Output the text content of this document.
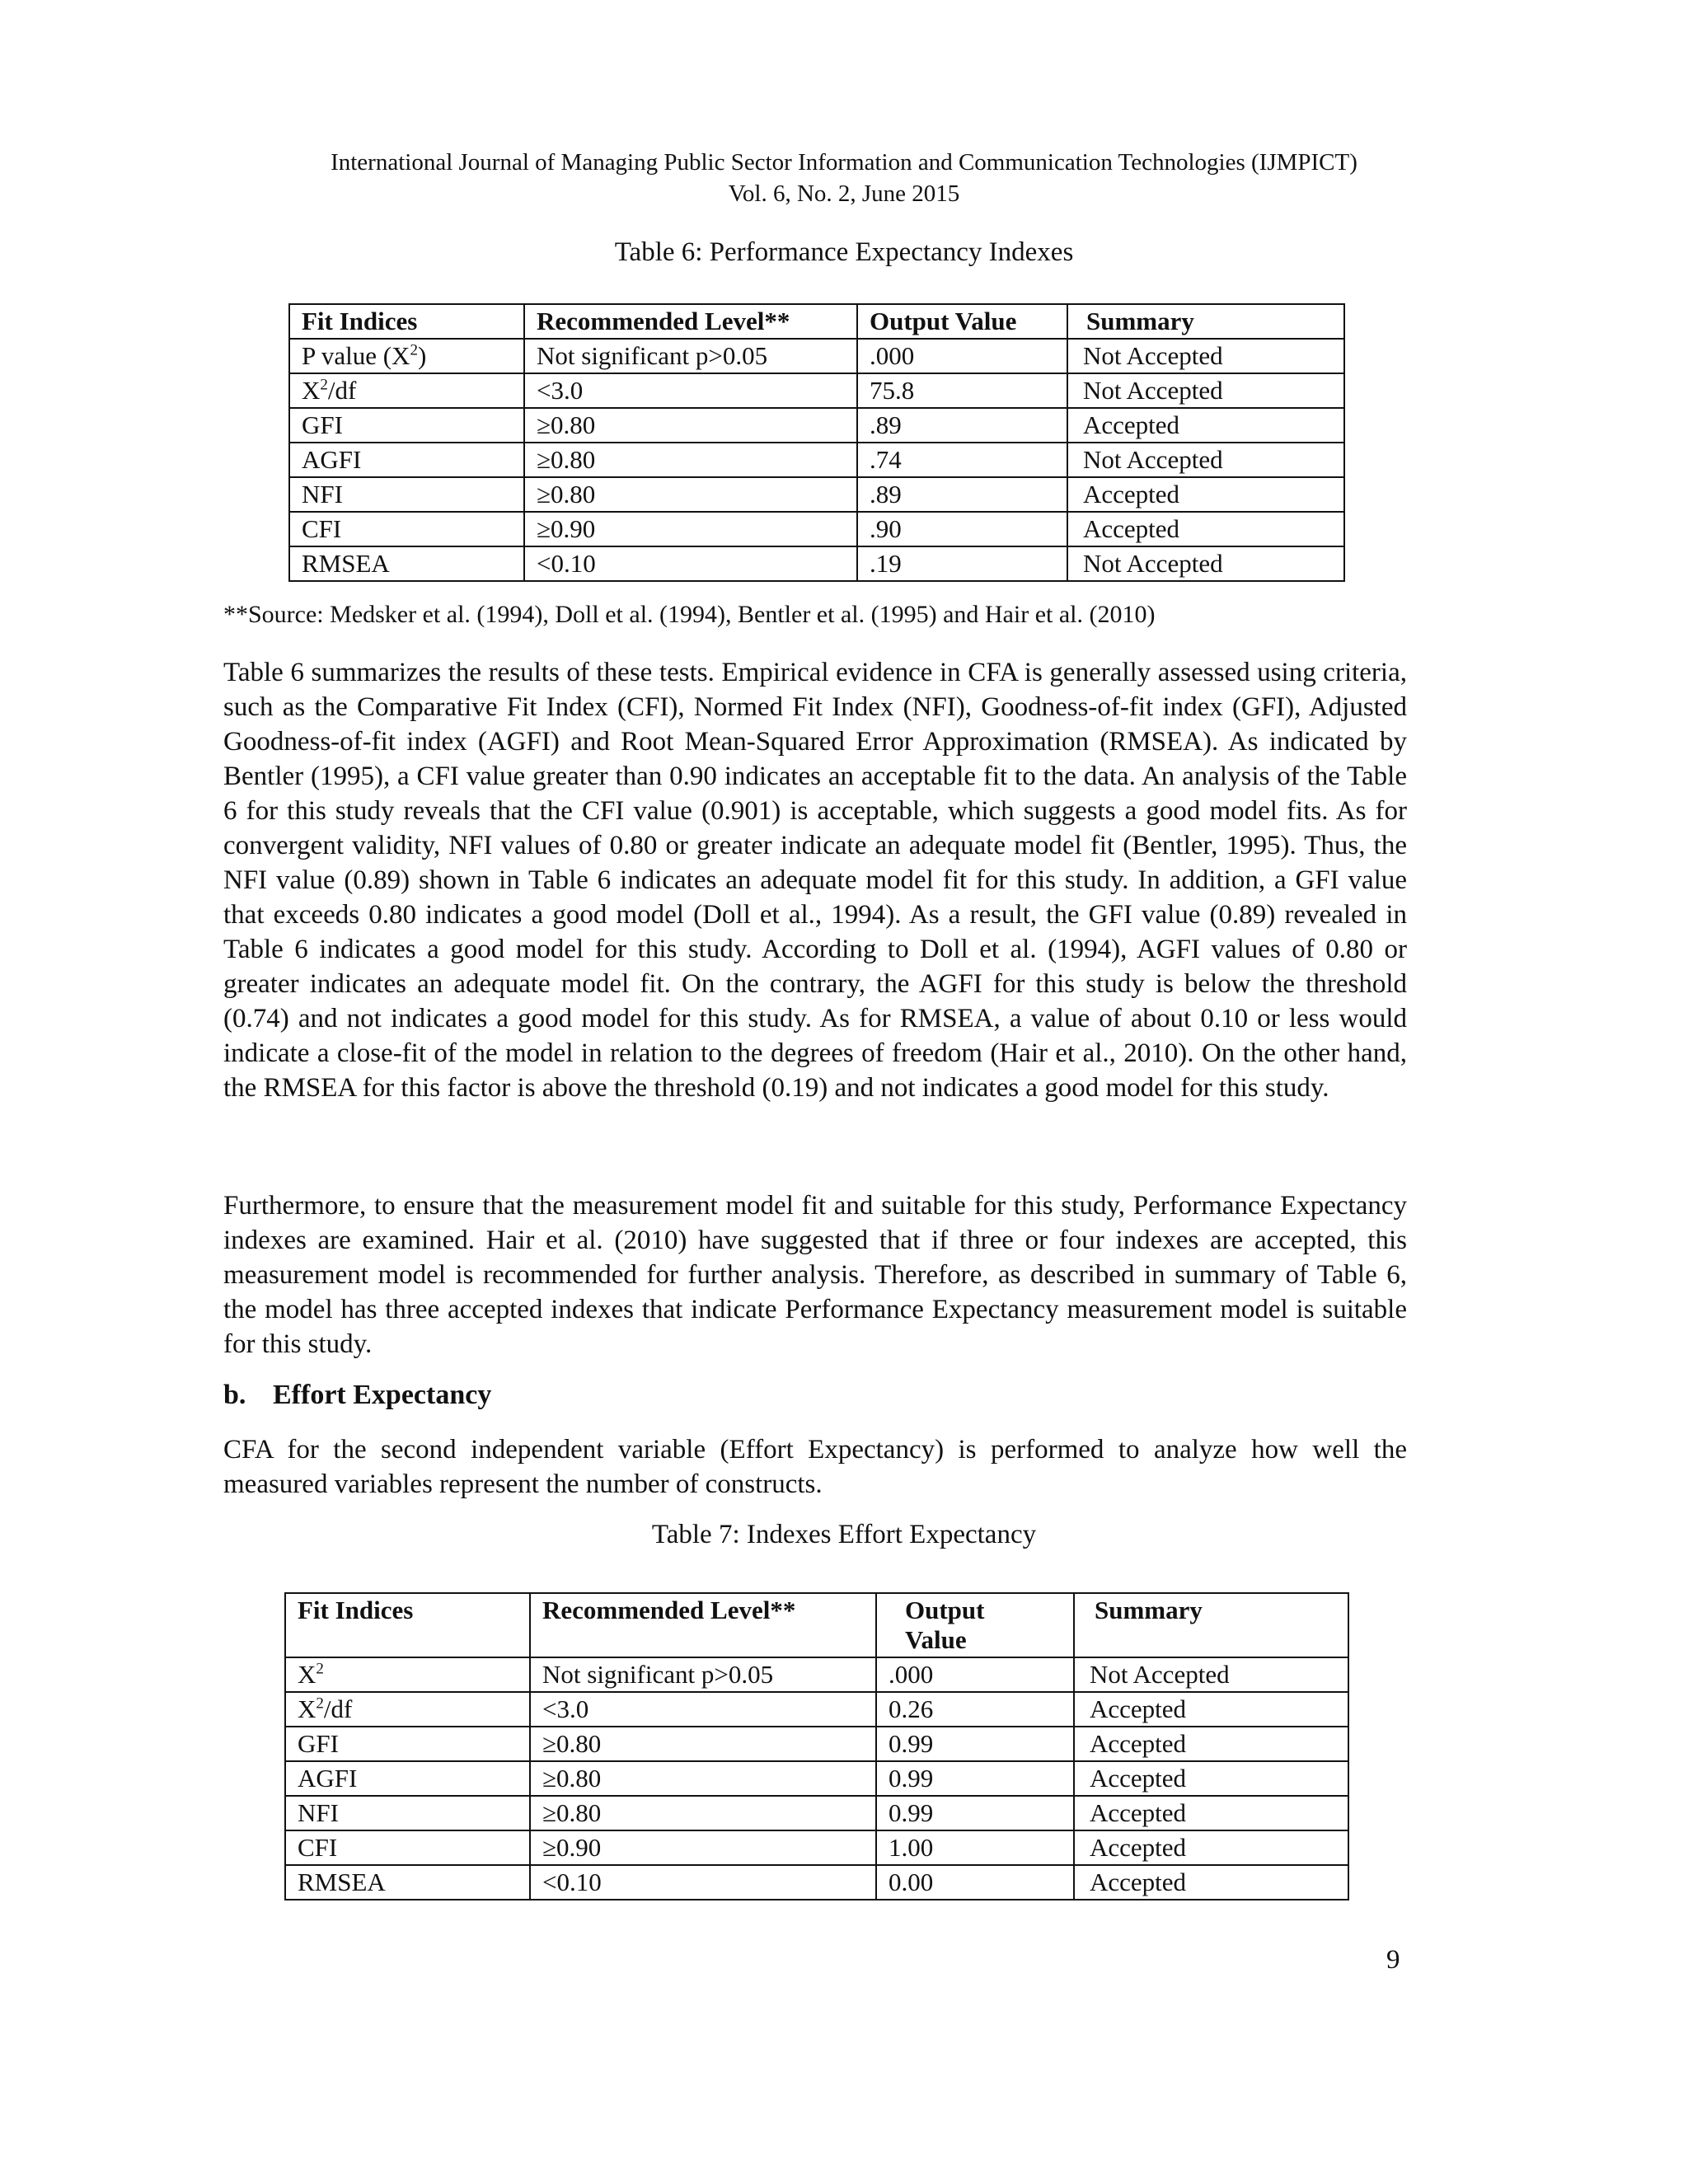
International Journal of Managing Public Sector Information and Communication Technologies (IJMPICT)
Vol. 6, No. 2, June 2015
Table 6: Performance Expectancy Indexes
Fit Indices	Recommended Level**	Output Value	Summary
P value $(X^2)$	Not significant p>0.05	.000	Not Accepted
$X^2/df$	<3.0	75.8	Not Accepted
GFI	≥0.80	.89	Accepted
AGFI	≥0.80	.74	Not Accepted
NFI	≥0.80	.89	Accepted
CFI	≥0.90	.90	Accepted
RMSEA	<0.10	.19	Not Accepted
**Source: Medsker et al. (1994), Doll et al. (1994), Bentler et al. (1995) and Hair et al. (2010)

Table 6 summarizes the results of these tests. Empirical evidence in CFA is generally assessed using criteria, such as the Comparative Fit Index (CFI), Normed Fit Index (NFI), Goodness-of-fit index (GFI), Adjusted Goodness-of-fit index (AGFI) and Root Mean-Squared Error Approximation (RMSEA). As indicated by Bentler (1995), a CFI value greater than 0.90 indicates an acceptable fit to the data. An analysis of the Table 6 for this study reveals that the CFI value (0.901) is acceptable, which suggests a good model fits. As for convergent validity, NFI values of 0.80 or greater indicate an adequate model fit (Bentler, 1995). Thus, the NFI value (0.89) shown in Table 6 indicates an adequate model fit for this study. In addition, a GFI value that exceeds 0.80 indicates a good model (Doll et al., 1994). As a result, the GFI value (0.89) revealed in Table 6 indicates a good model for this study. According to Doll et al. (1994), AGFI values of 0.80 or greater indicates an adequate model fit. On the contrary, the AGFI for this study is below the threshold (0.74) and not indicates a good model for this study. As for RMSEA, a value of about 0.10 or less would indicate a close-fit of the model in relation to the degrees of freedom (Hair et al., 2010). On the other hand, the RMSEA for this factor is above the threshold (0.19) and not indicates a good model for this study.

Furthermore, to ensure that the measurement model fit and suitable for this study, Performance Expectancy indexes are examined. Hair et al. (2010) have suggested that if three or four indexes are accepted, this measurement model is recommended for further analysis. Therefore, as described in summary of Table 6, the model has three accepted indexes that indicate Performance Expectancy measurement model is suitable for this study.

b. Effort Expectancy

CFA for the second independent variable (Effort Expectancy) is performed to analyze how well the measured variables represent the number of constructs.

Table 7: Indexes Effort Expectancy
Fit Indices	Recommended Level**	Output Value	Summary
$X^2$	Not significant p>0.05	.000	Not Accepted
$X^2/df$	<3.0	0.26	Accepted
GFI	≥0.80	0.99	Accepted
AGFI	≥0.80	0.99	Accepted
NFI	≥0.80	0.99	Accepted
CFI	≥0.90	1.00	Accepted
RMSEA	<0.10	0.00	Accepted
9
